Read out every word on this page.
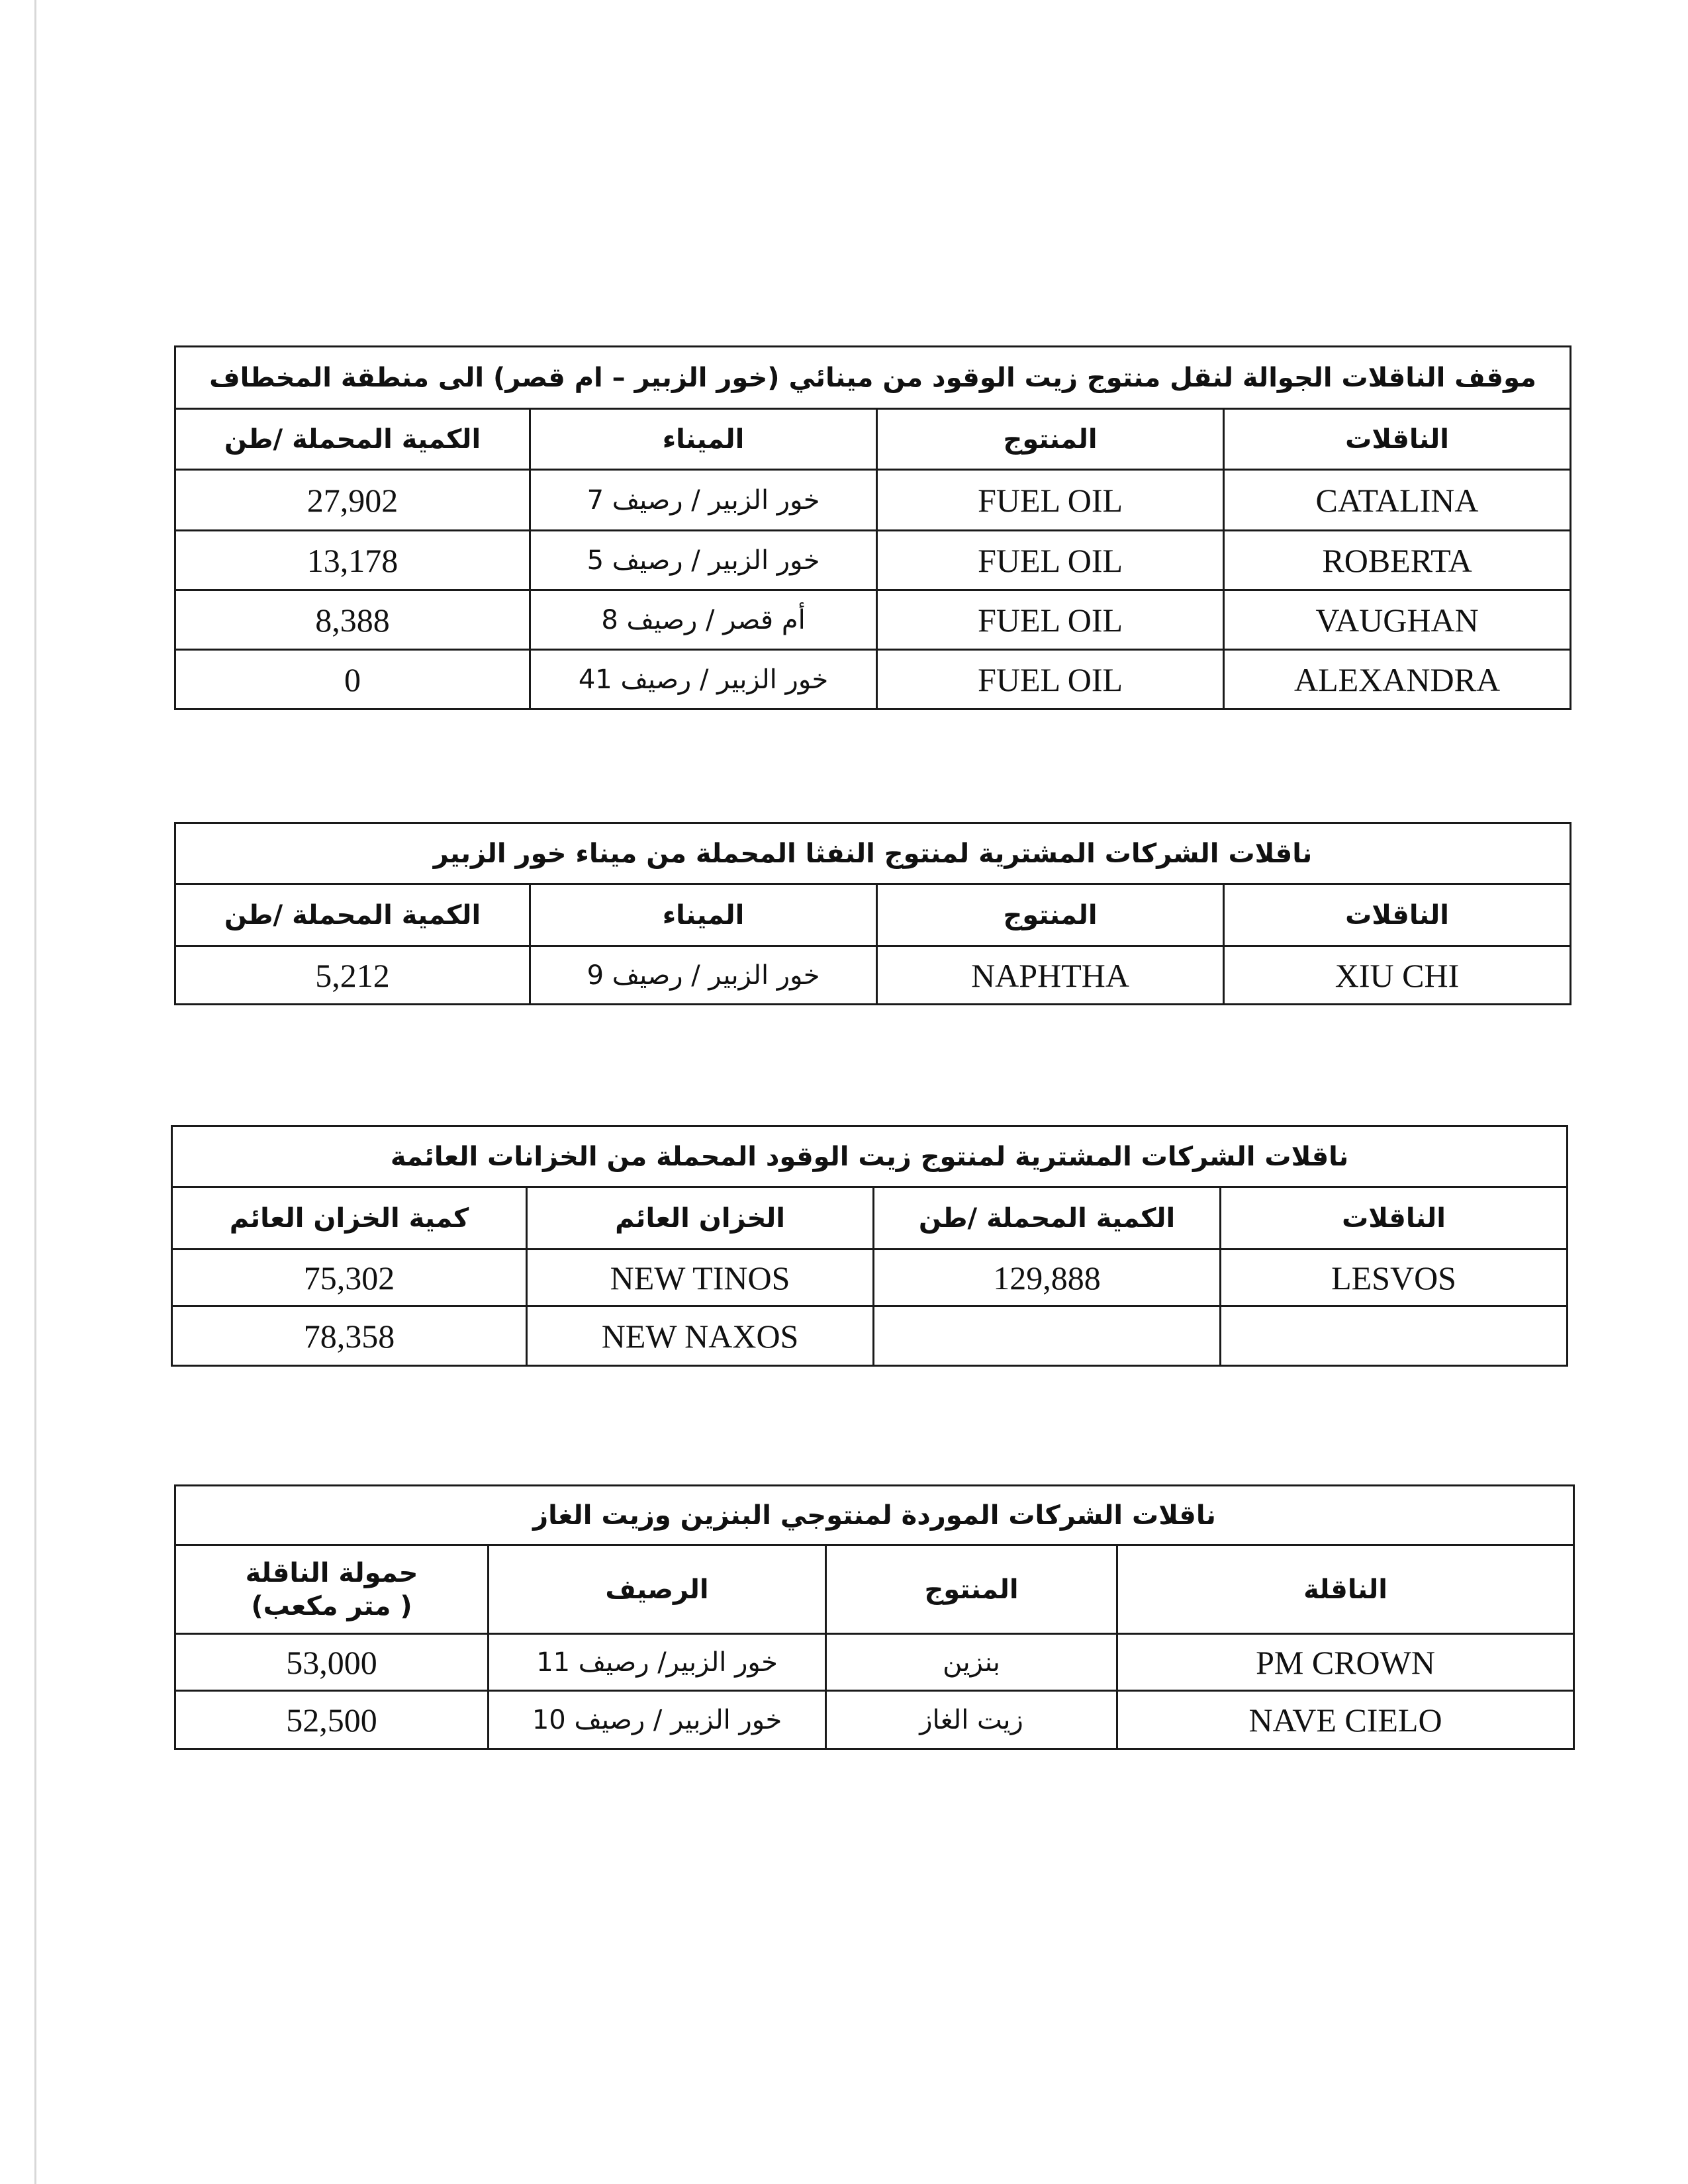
موقف الناقلات الجوالة لنقل منتوج زيت الوقود من مينائي (خور الزبير – ام قصر) الى منطقة المخطاف			
الناقلات	المنتوج	الميناء	الكمية المحملة /طن
CATALINA	FUEL OIL	خور الزبير / رصيف 7	27,902
ROBERTA	FUEL OIL	خور الزبير / رصيف 5	13,178
VAUGHAN	FUEL OIL	أم قصر / رصيف 8	8,388
ALEXANDRA	FUEL OIL	خور الزبير / رصيف 41	0
ناقلات الشركات المشترية لمنتوج النفثا المحملة من ميناء خور الزبير			
الناقلات	المنتوج	الميناء	الكمية المحملة /طن
XIU CHI	NAPHTHA	خور الزبير / رصيف 9	5,212
ناقلات الشركات المشترية لمنتوج زيت الوقود المحملة من الخزانات العائمة			
الناقلات	الكمية المحملة /طن	الخزان العائم	كمية الخزان العائم
LESVOS	129,888	NEW TINOS	75,302
		NEW NAXOS	78,358
ناقلات الشركات الموردة لمنتوجي البنزين وزيت الغاز			
الناقلة	المنتوج	الرصيف	حمولة الناقلة
( متر مكعب)

PM CROWN	بنزين	خور الزبير/ رصيف 11	53,000
NAVE CIELO	زيت الغاز	خور الزبير / رصيف 10	52,500
